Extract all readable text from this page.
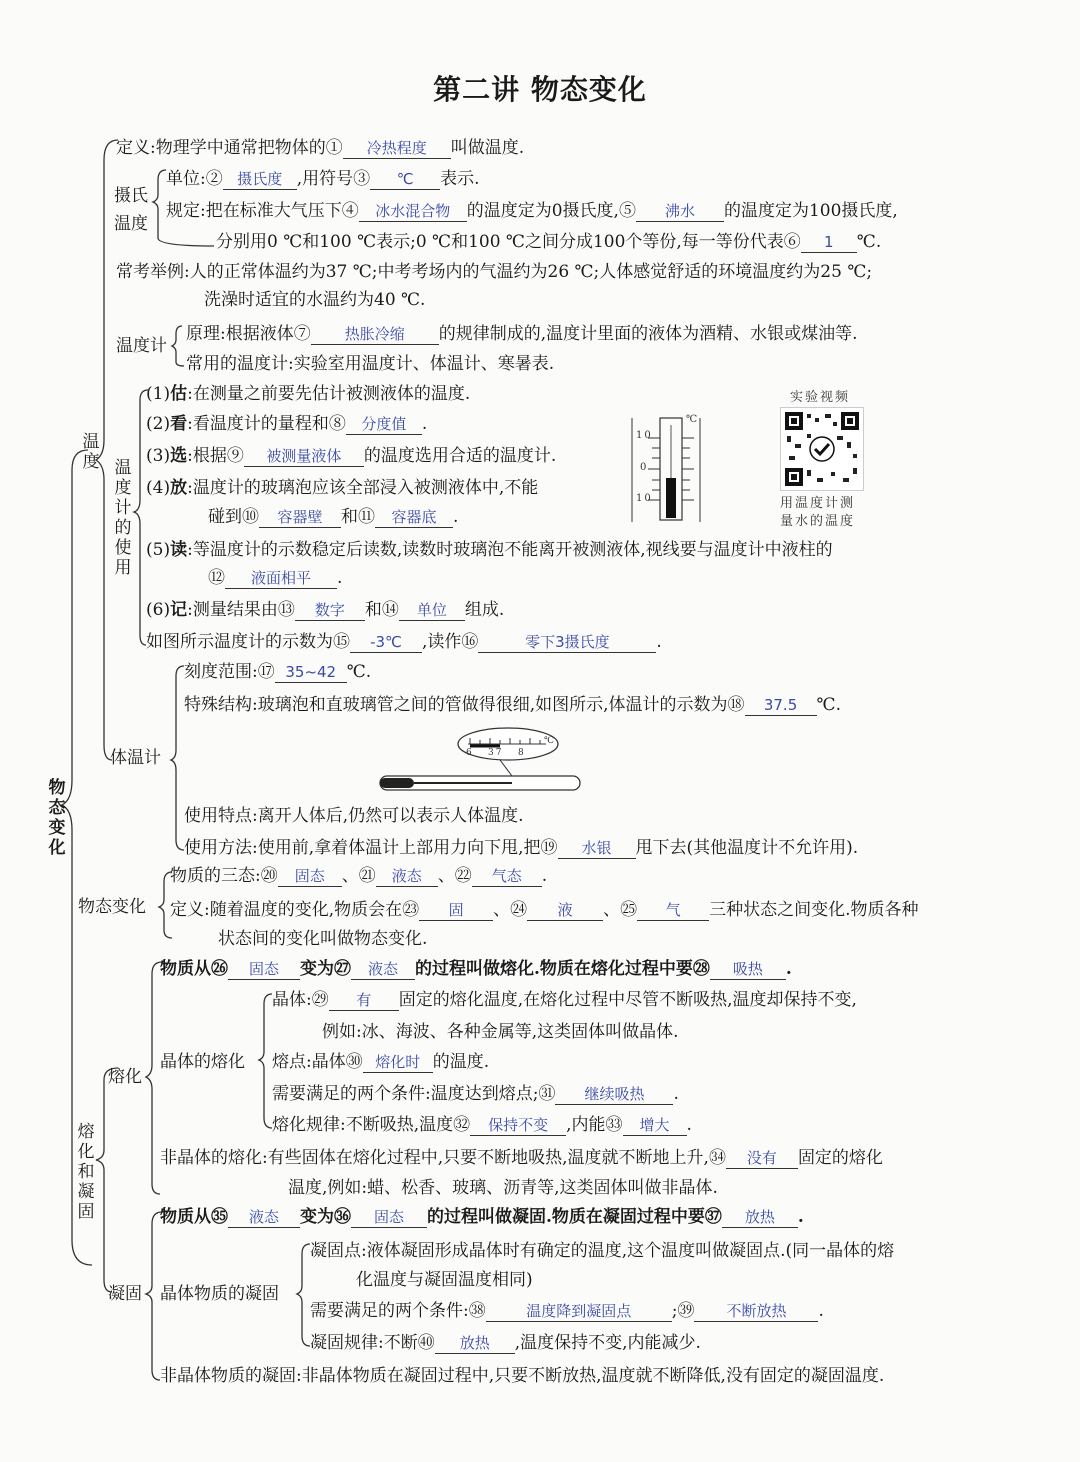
第二讲 物态变化
物态变化
温度
熔化和凝固
温度计的使用
摄氏温度
定义:物理学中通常把物体的① 冷热程度 叫做温度.
单位:② 摄氏度 ,用符号③ ℃ 表示.
规定:把在标准大气压下④ 冰水混合物 的温度定为0摄氏度,⑤ 沸水 的温度定为100摄氏度,
分别用0 ℃和100 ℃表示;0 ℃和100 ℃之间分成100个等份,每一等份代表⑥ 1 ℃.
常考举例:人的正常体温约为37 ℃;中考考场内的气温约为26 ℃;人体感觉舒适的环境温度约为25 ℃;
洗澡时适宜的水温约为40 ℃.
温度计
原理:根据液体⑦ 热胀冷缩 的规律制成的,温度计里面的液体为酒精、水银或煤油等.
常用的温度计:实验室用温度计、体温计、寒暑表.
(1)估:在测量之前要先估计被测液体的温度.
(2)看:看温度计的量程和⑧ 分度值 .
(3)选:根据⑨ 被测量液体 的温度选用合适的温度计.
(4)放:温度计的玻璃泡应该全部浸入被测液体中,不能
碰到⑩ 容器壁 和⑪ 容器底 .
(5)读:等温度计的示数稳定后读数,读数时玻璃泡不能离开被测液体,视线要与温度计中液柱的
⑫ 液面相平 .
(6)记:测量结果由⑬ 数字 和⑭ 单位 组成.
如图所示温度计的示数为⑮ -3℃ ,读作⑯	零下3摄氏度	.
10
0
10
℃
实验视频
用温度计测
量水的温度
6 37 8
℃
体温计
刻度范围:⑰ 35~42 ℃.
特殊结构:玻璃泡和直玻璃管之间的管做得很细,如图所示,体温计的示数为⑱ 37.5 ℃.
使用特点:离开人体后,仍然可以表示人体温度.
使用方法:使用前,拿着体温计上部用力向下甩,把⑲ 水银 甩下去(其他温度计不允许用).
物态变化
物质的三态:⑳ 固态 、㉑ 液态 、㉒ 气态 .
定义:随着温度的变化,物质会在㉓ 固 、㉔ 液 、㉕ 气 三种状态之间变化.物质各种
状态间的变化叫做物态变化.
熔化
物质从㉖ 固态 变为㉗ 液态 的过程叫做熔化.物质在熔化过程中要㉘ 吸热 .
晶体的熔化
晶体:㉙ 有 固定的熔化温度,在熔化过程中尽管不断吸热,温度却保持不变,
例如:冰、海波、各种金属等,这类固体叫做晶体.
熔点:晶体㉚ 熔化时 的温度.
需要满足的两个条件:温度达到熔点;㉛ 继续吸热 .
熔化规律:不断吸热,温度㉜ 保持不变 ,内能㉝ 增大 .
非晶体的熔化:有些固体在熔化过程中,只要不断地吸热,温度就不断地上升,㉞ 没有 固定的熔化
温度,例如:蜡、松香、玻璃、沥青等,这类固体叫做非晶体.
凝固
物质从㉟ 液态 变为㊱ 固态 的过程叫做凝固.物质在凝固过程中要㊲ 放热 .
晶体物质的凝固
凝固点:液体凝固形成晶体时有确定的温度,这个温度叫做凝固点.(同一晶体的熔
化温度与凝固温度相同)
需要满足的两个条件:㊳	温度降到凝固点 ;㊴ 不断放热 .
凝固规律:不断㊵ 放热 ,温度保持不变,内能减少.
非晶体物质的凝固:非晶体物质在凝固过程中,只要不断放热,温度就不断降低,没有固定的凝固温度.
